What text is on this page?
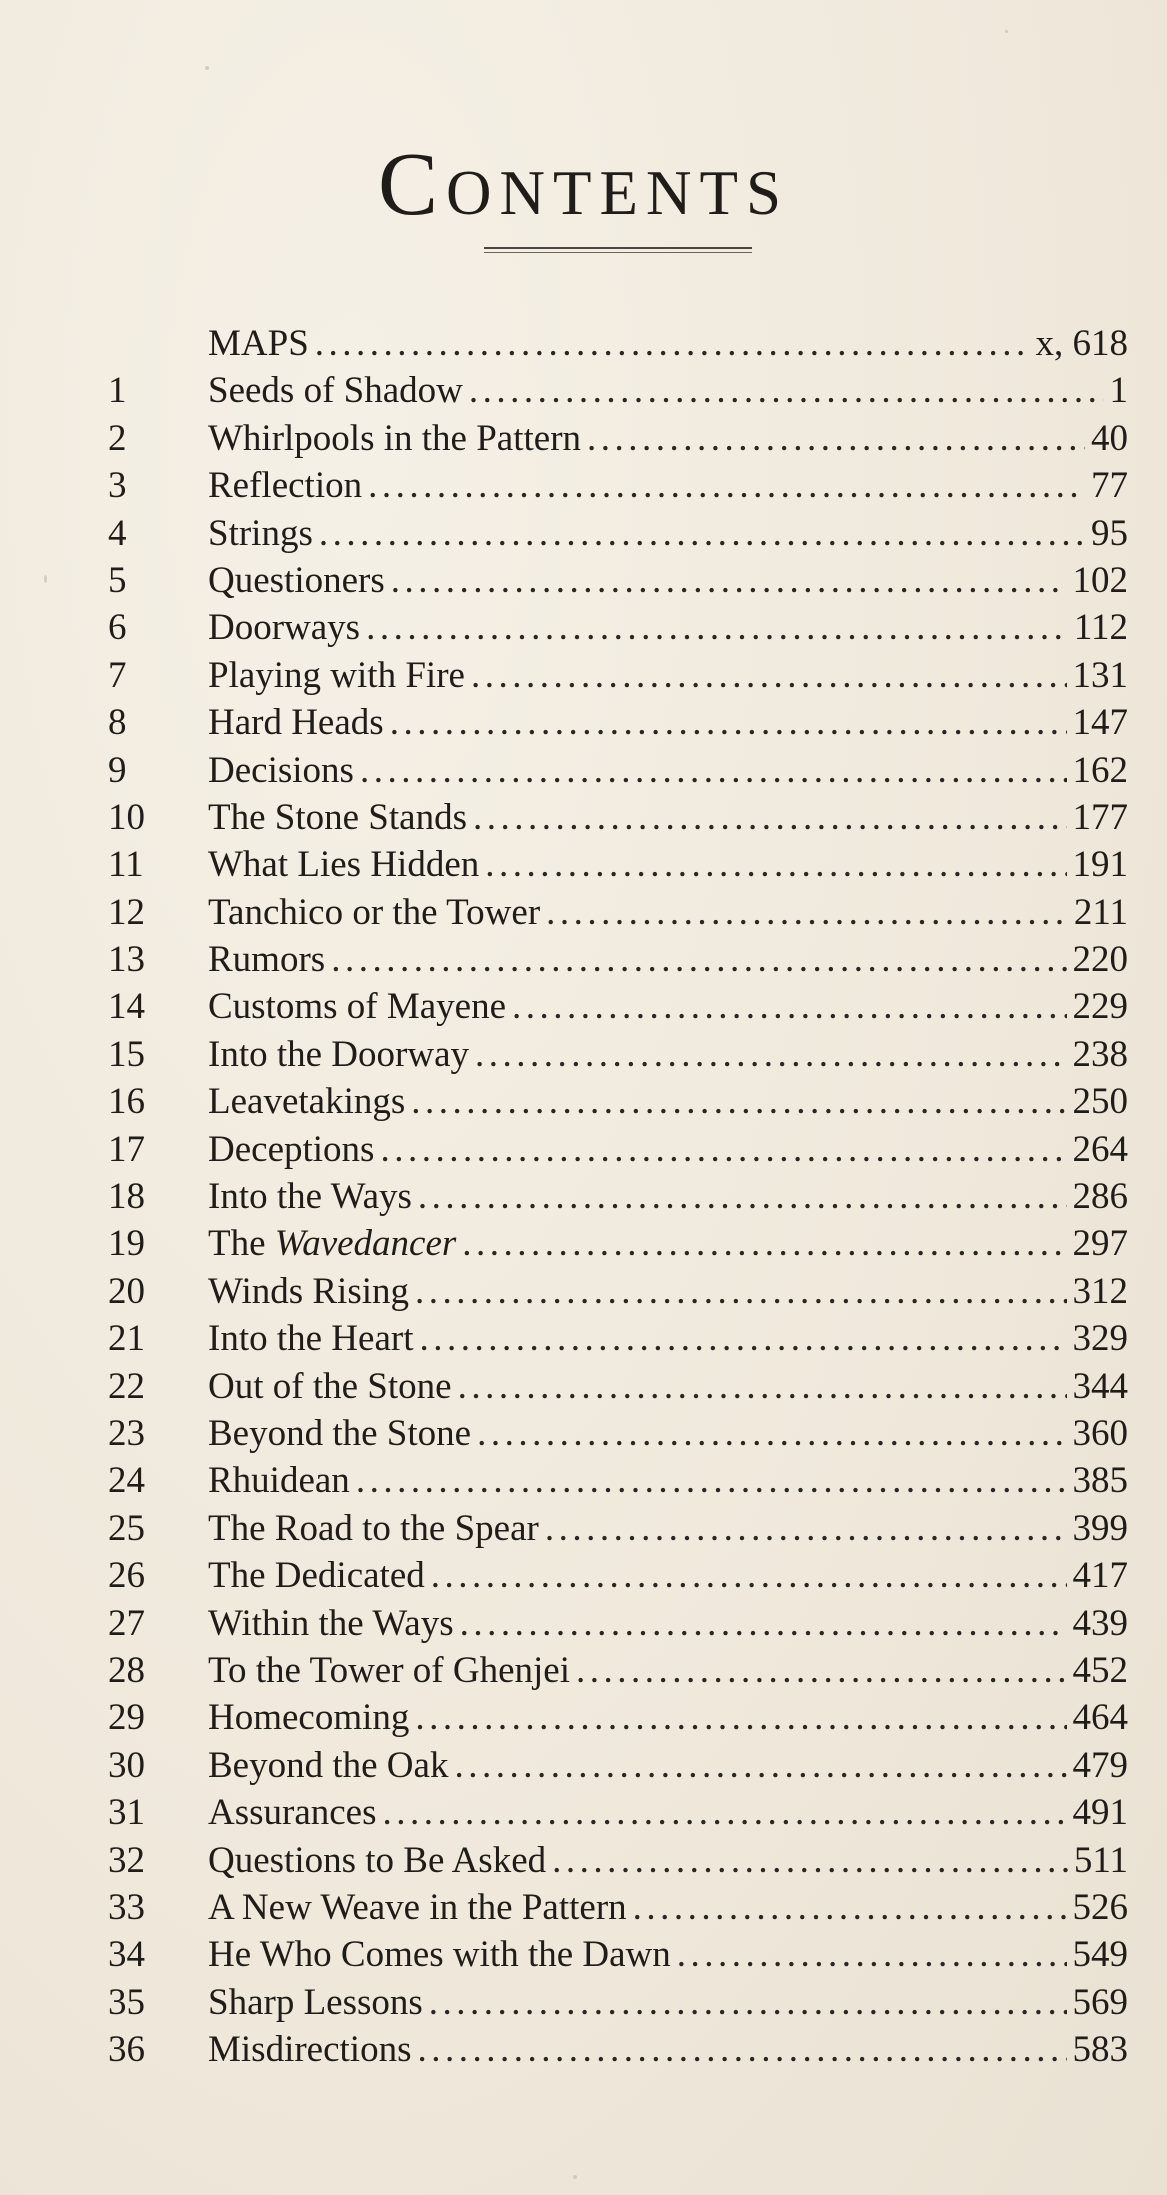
Contents
MAPS .....	x, 618
1	Seeds of Shadow .....	1
2	Whirlpools in the Pattern .....	40
3	Reflection .....	77
4	Strings .....	95
5	Questioners .....	102
6	Doorways .....	112
7	Playing with Fire .....	131
8	Hard Heads .....	147
9	Decisions .....	162
10	The Stone Stands .....	177
11	What Lies Hidden .....	191
12	Tanchico or the Tower .....	211
13	Rumors .....	220
14	Customs of Mayene .....	229
15	Into the Doorway .....	238
16	Leavetakings .....	250
17	Deceptions .....	264
18	Into the Ways .....	286
19	The Wavedancer .....	297
20	Winds Rising .....	312
21	Into the Heart .....	329
22	Out of the Stone .....	344
23	Beyond the Stone .....	360
24	Rhuidean .....	385
25	The Road to the Spear .....	399
26	The Dedicated .....	417
27	Within the Ways .....	439
28	To the Tower of Ghenjei .....	452
29	Homecoming .....	464
30	Beyond the Oak .....	479
31	Assurances .....	491
32	Questions to Be Asked .....	511
33	A New Weave in the Pattern .....	526
34	He Who Comes with the Dawn .....	549
35	Sharp Lessons .....	569
36	Misdirections .....	583
